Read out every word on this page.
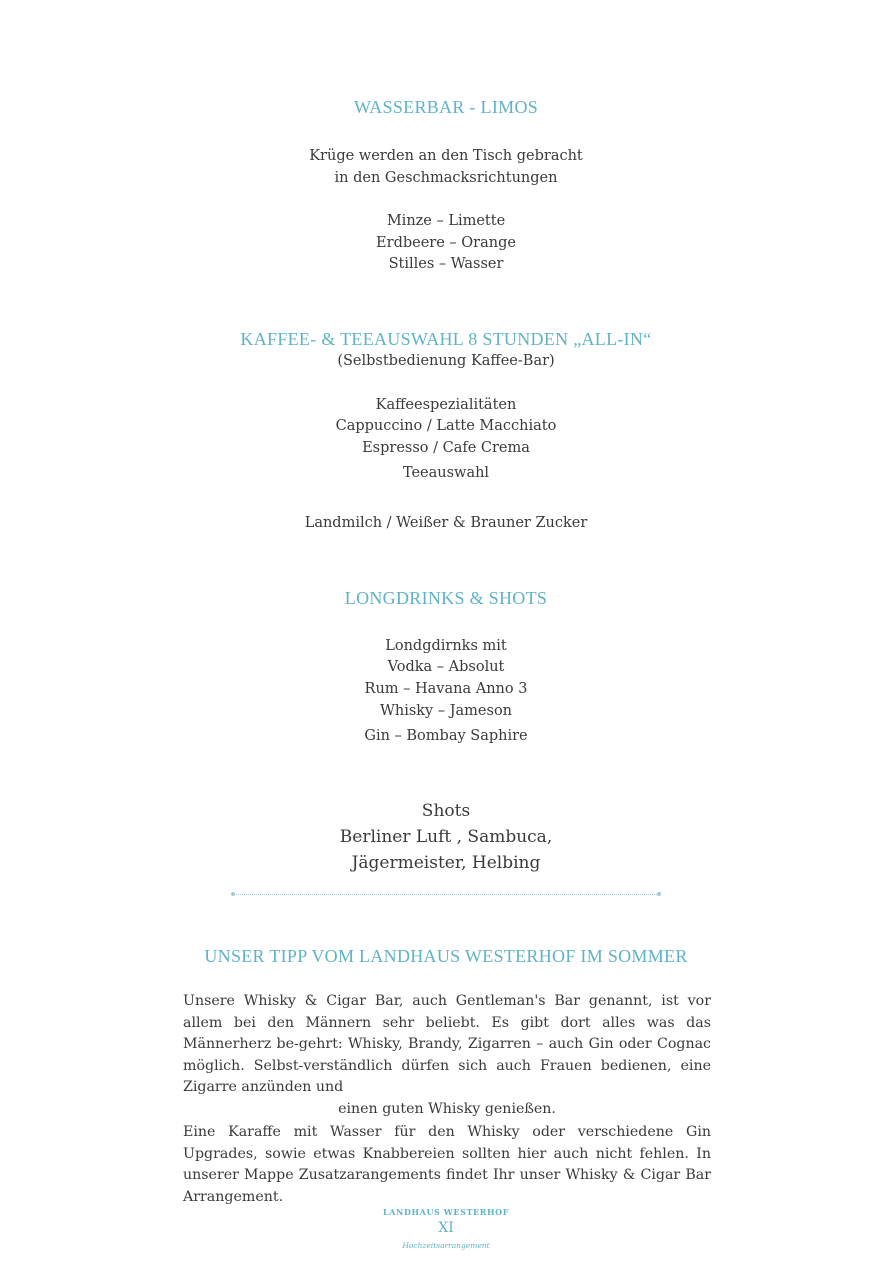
WASSERBAR - LIMOS
Krüge werden an den Tisch gebracht
in den Geschmacksrichtungen
Minze – Limette
Erdbeere – Orange
Stilles – Wasser
KAFFEE- & TEEAUSWAHL 8 STUNDEN „ALL-IN“
(Selbstbedienung Kaffee-Bar)
Kaffeespezialitäten
Cappuccino / Latte Macchiato
Espresso / Cafe Crema
Teeauswahl
Landmilch / Weißer & Brauner Zucker
LONGDRINKS & SHOTS
Londgdirnks mit
Vodka – Absolut
Rum – Havana Anno 3
Whisky – Jameson
Gin – Bombay Saphire
Shots
Berliner Luft , Sambuca,
Jägermeister, Helbing
UNSER TIPP VOM LANDHAUS WESTERHOF IM SOMMER
Unsere Whisky & Cigar Bar, auch Gentleman's Bar genannt, ist vor allem bei den Männern sehr beliebt. Es gibt dort alles was das Männerherz be-gehrt: Whisky, Brandy, Zigarren – auch Gin oder Cognac möglich. Selbst-verständlich dürfen sich auch Frauen bedienen, eine Zigarre anzünden und
einen guten Whisky genießen.
Eine Karaffe mit Wasser für den Whisky oder verschiedene Gin Upgrades, sowie etwas Knabbereien sollten hier auch nicht fehlen. In unserer Mappe Zusatzarangements findet Ihr unser Whisky & Cigar Bar Arrangement.
LANDHAUS WESTERHOF
XI
Hochzeitsarrangement
